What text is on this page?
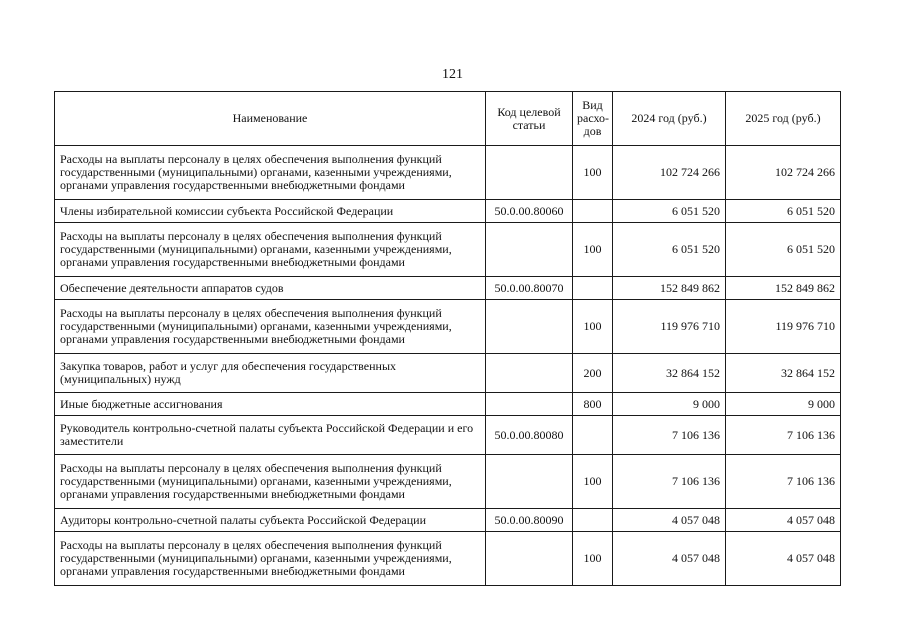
121
Наименование	Код целевой статьи	Вид расхо-дов	2024 год (руб.)	2025 год (руб.)
Расходы на выплаты персоналу в целях обеспечения выполнения функций государственными (муниципальными) органами, казенными учреждениями, органами управления государственными внебюджетными фондами		100	102 724 266	102 724 266
Члены избирательной комиссии субъекта Российской Федерации	50.0.00.80060		6 051 520	6 051 520
Расходы на выплаты персоналу в целях обеспечения выполнения функций государственными (муниципальными) органами, казенными учреждениями, органами управления государственными внебюджетными фондами		100	6 051 520	6 051 520
Обеспечение деятельности аппаратов судов	50.0.00.80070		152 849 862	152 849 862
Расходы на выплаты персоналу в целях обеспечения выполнения функций государственными (муниципальными) органами, казенными учреждениями, органами управления государственными внебюджетными фондами		100	119 976 710	119 976 710
Закупка товаров, работ и услуг для обеспечения государственных (муниципальных) нужд		200	32 864 152	32 864 152
Иные бюджетные ассигнования		800	9 000	9 000
Руководитель контрольно-счетной палаты субъекта Российской Федерации и его заместители	50.0.00.80080		7 106 136	7 106 136
Расходы на выплаты персоналу в целях обеспечения выполнения функций государственными (муниципальными) органами, казенными учреждениями, органами управления государственными внебюджетными фондами		100	7 106 136	7 106 136
Аудиторы контрольно-счетной палаты субъекта Российской Федерации	50.0.00.80090		4 057 048	4 057 048
Расходы на выплаты персоналу в целях обеспечения выполнения функций государственными (муниципальными) органами, казенными учреждениями, органами управления государственными внебюджетными фондами		100	4 057 048	4 057 048
